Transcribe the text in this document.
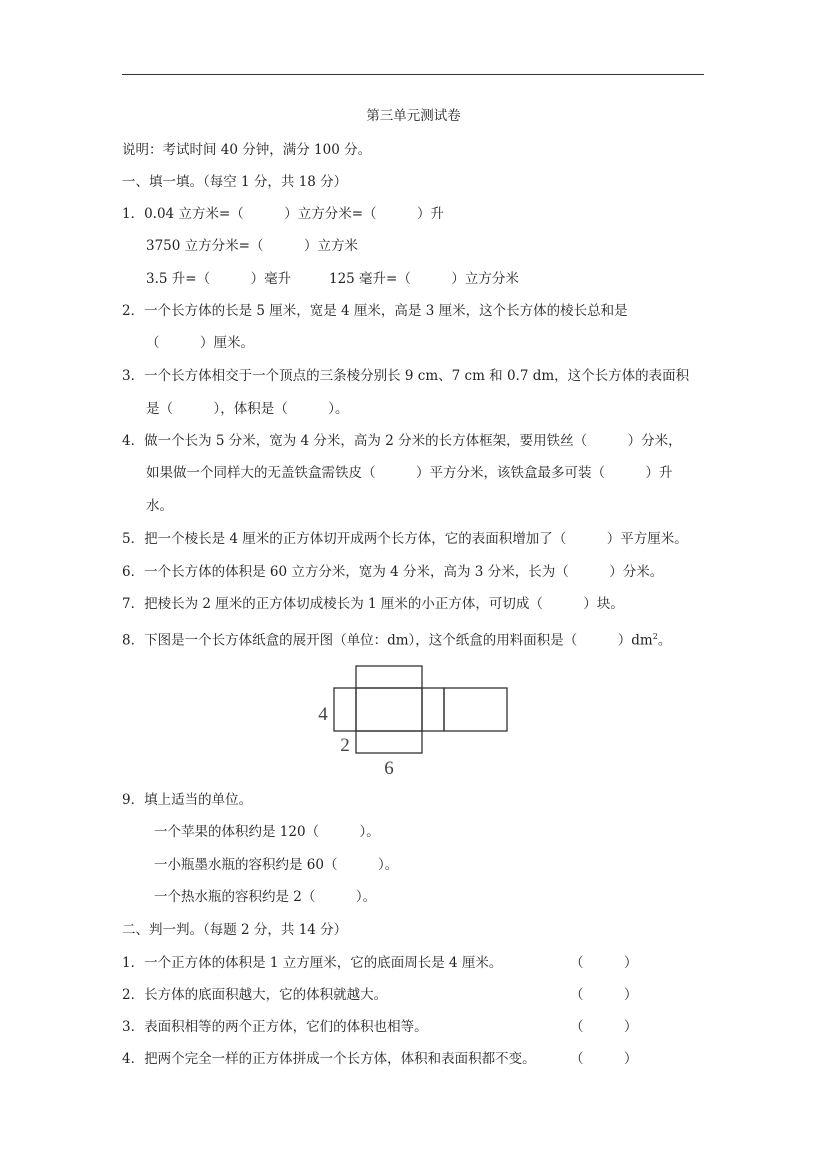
第三单元测试卷
说明：考试时间 40 分钟，满分 100 分。
一、填一填。（每空 1 分，共 18 分）
1．0.04 立方米=（　　　）立方分米=（　　　）升
3750 立方分米=（　　　）立方米
3.5 升=（　　　）毫升	125 毫升=（　　　）立方分米
2．一个长方体的长是 5 厘米，宽是 4 厘米，高是 3 厘米，这个长方体的棱长总和是
（　　　）厘米。
3．一个长方体相交于一个顶点的三条棱分别长 9 cm、7 cm 和 0.7 dm，这个长方体的表面积
是（　　　），体积是（　　　）。
4．做一个长为 5 分米，宽为 4 分米，高为 2 分米的长方体框架，要用铁丝（　　　）分米，
如果做一个同样大的无盖铁盒需铁皮（　　　）平方分米，该铁盒最多可装（　　　）升
水。
5．把一个棱长是 4 厘米的正方体切开成两个长方体，它的表面积增加了（　　　）平方厘米。
6．一个长方体的体积是 60 立方分米，宽为 4 分米，高为 3 分米，长为（　　　）分米。
7．把棱长为 2 厘米的正方体切成棱长为 1 厘米的小正方体，可切成（　　　）块。
8．下图是一个长方体纸盒的展开图（单位：dm），这个纸盒的用料面积是（　　　）$dm^2$。
4
2
6
9．填上适当的单位。
一个苹果的体积约是 120（　　　）。
一小瓶墨水瓶的容积约是 60（　　　）。
一个热水瓶的容积约是 2（　　　）。
二、判一判。（每题 2 分，共 14 分）
1．一个正方体的体积是 1 立方厘米，它的底面周长是 4 厘米。	（　　　）
2．长方体的底面积越大，它的体积就越大。	（　　　）
3．表面积相等的两个正方体，它们的体积也相等。	（　　　）
4．把两个完全一样的正方体拼成一个长方体，体积和表面积都不变。	（　　　）
